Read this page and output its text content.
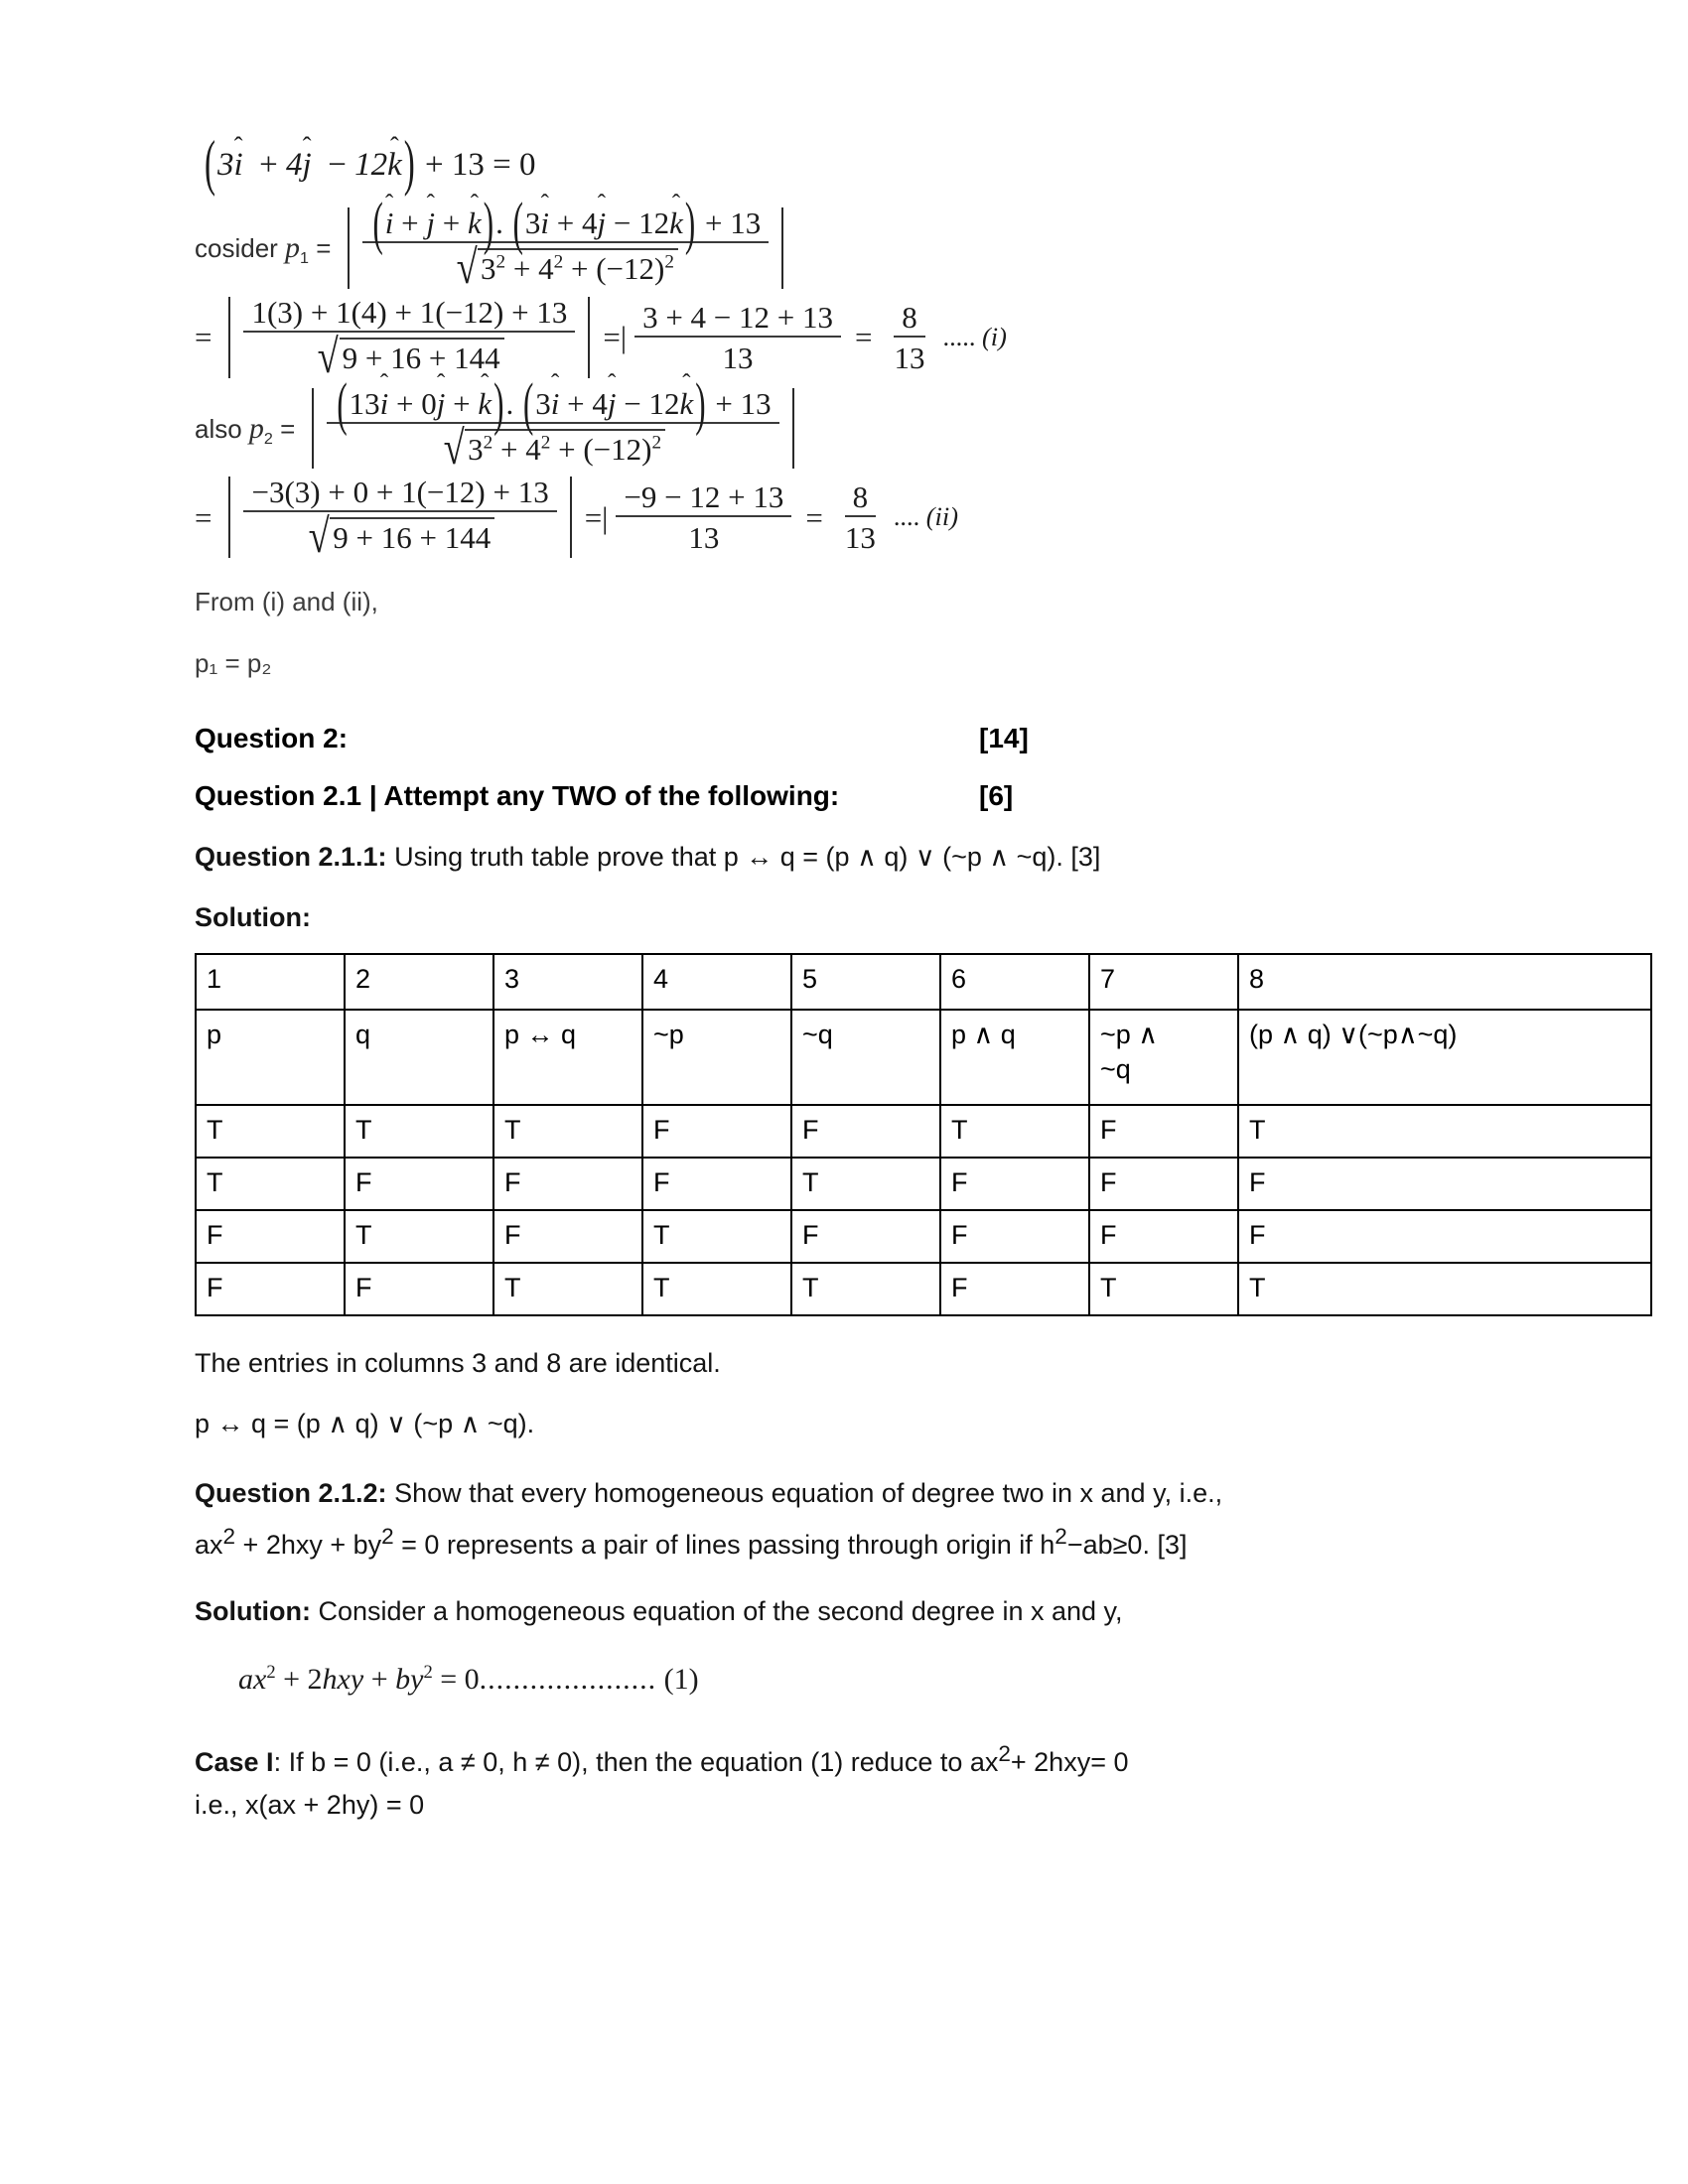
( 3
i  + 4
j  − 12
k ) + 13 = 0
cosider $p_1$ = (
i +
j +
k). (3
i + 4
j − 12
k) + 13
√ $3^2 + 4^2 + (-12)^2$
= $\frac{1(3) + 1(4) + 1(-12) + 13}{√ 9 + 16 + 144}$ =| $\frac{3 + 4 - 12 + 13}{13} = \frac{8}{13}$ ..... (i)
also $p_2 = (13$
i + 0
j +
k). (3
i + 4
j − 12
k) + 13
√ $3^2 + 4^2 + (-12)^2$
= $\frac{-3(3) + 0 + 1(-12) + 13}{√ 9 + 16 + 144}$ =| $\frac{-9 - 12 + 13}{13} = \frac{8}{13}$ .... (ii)

From (i) and (ii),

p₁ = p₂

Question 2:	[14]
Question 2.1 | Attempt any TWO of the following:	[6]

Question 2.1.1: Using truth table prove that p ↔ q = (p ∧ q) ∨ (~p ∧ ~q). [3]

Solution:

1	2	3	4	5	6	7	8
p	q	p ↔ q	~p	~q	p ∧ q	~p ∧
~q	(p ∧ q) ∨(~p∧~q)
T	T	T	F	F	T	F	T
T	F	F	F	T	F	F	F
F	T	F	T	F	F	F	F
F	F	T	T	T	F	T	T

The entries in columns 3 and 8 are identical.

p ↔ q = (p ∧ q) ∨ (~p ∧ ~q).

Question 2.1.2: Show that every homogeneous equation of degree two in x and y, i.e.,

$ax^2 + 2hxy + by^2 = 0$ represents a pair of lines passing through origin if $h^2-ab\ge 0$. [3]

Solution: Consider a homogeneous equation of the second degree in x and y,

$ax^2 + 2hxy + by^2 = 0$..................... (1)

Case I: If b = 0 (i.e., a ≠ 0, h ≠ 0), then the equation (1) reduce to $ax^2+ 2hxy= 0$

i.e., x(ax + 2hy) = 0
